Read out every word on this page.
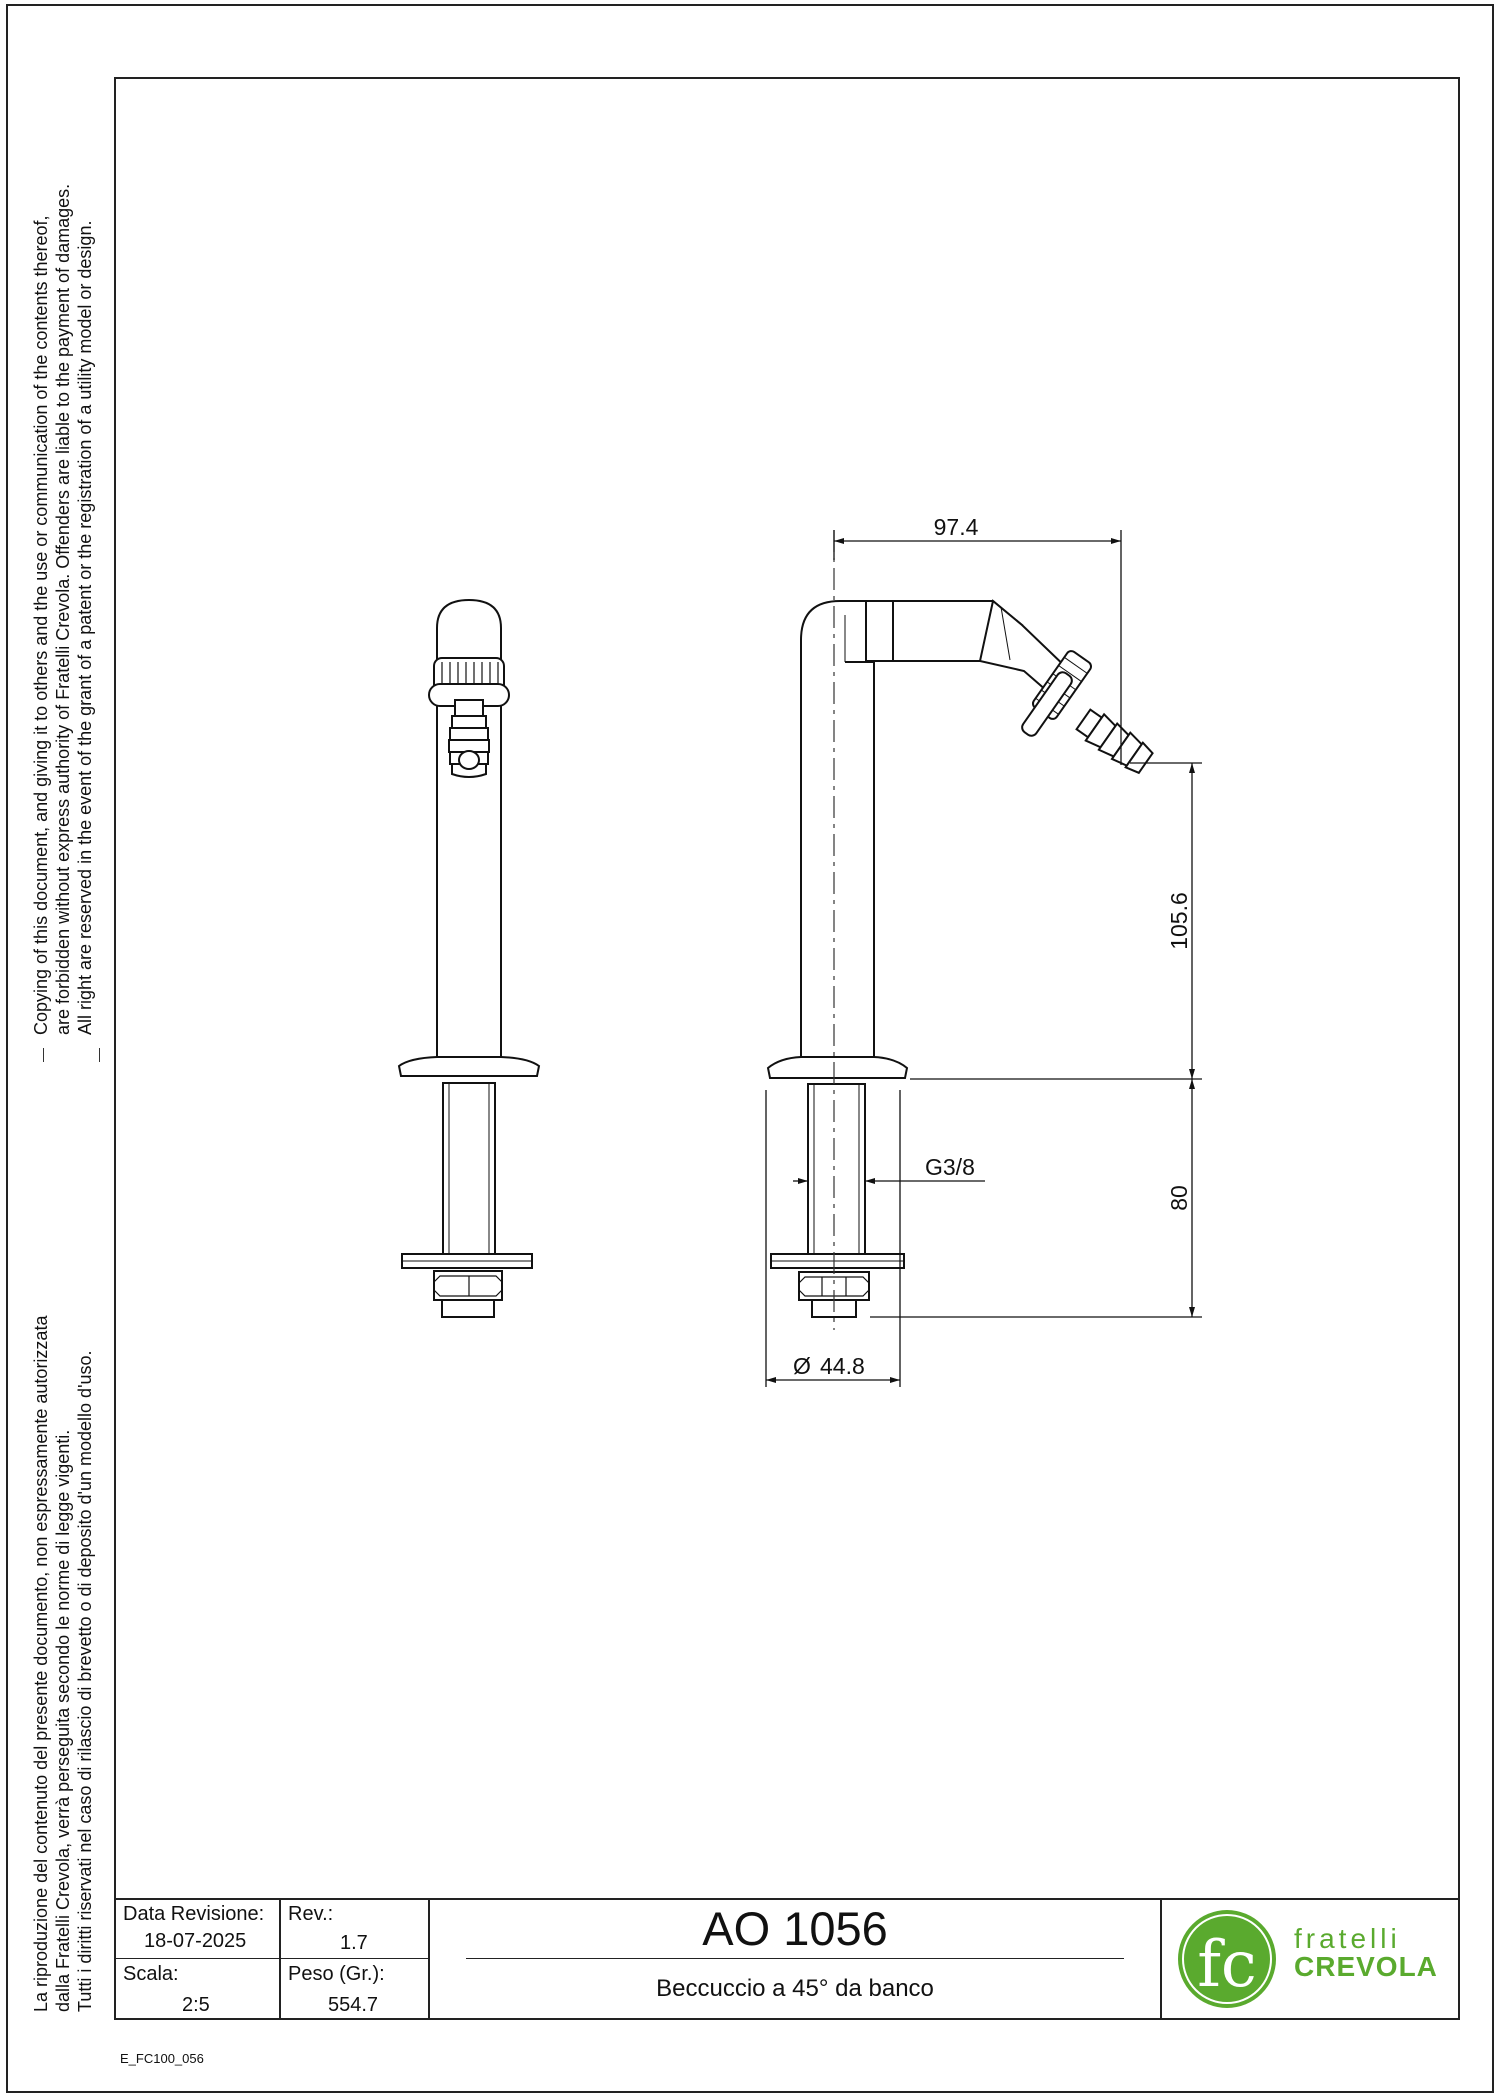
Copying of this document, and giving it to others and the use or communication of the contents thereof, are forbidden without express authority of Fratelli Crevola. Offenders are liable to the payment of damages. All right are reserved in the event of the grant of a patent or the registration of a utility model or design.
La riproduzione del contenuto del presente documento, non espressamente autorizzata dalla Fratelli Crevola, verrà perseguita secondo le norme di legge vigenti. Tutti i diritti riservati nel caso di rilascio di brevetto o di deposito d'un modello d'uso.
97.4
105.6
80
G3/8
Ø 44.8
Data Revisione:
18-07-2025
Rev.:
1.7
Scala:
2:5
Peso (Gr.):
554.7
AO 1056
Beccuccio a 45° da banco	fc fratelli
CREVOLA
E_FC100_056
